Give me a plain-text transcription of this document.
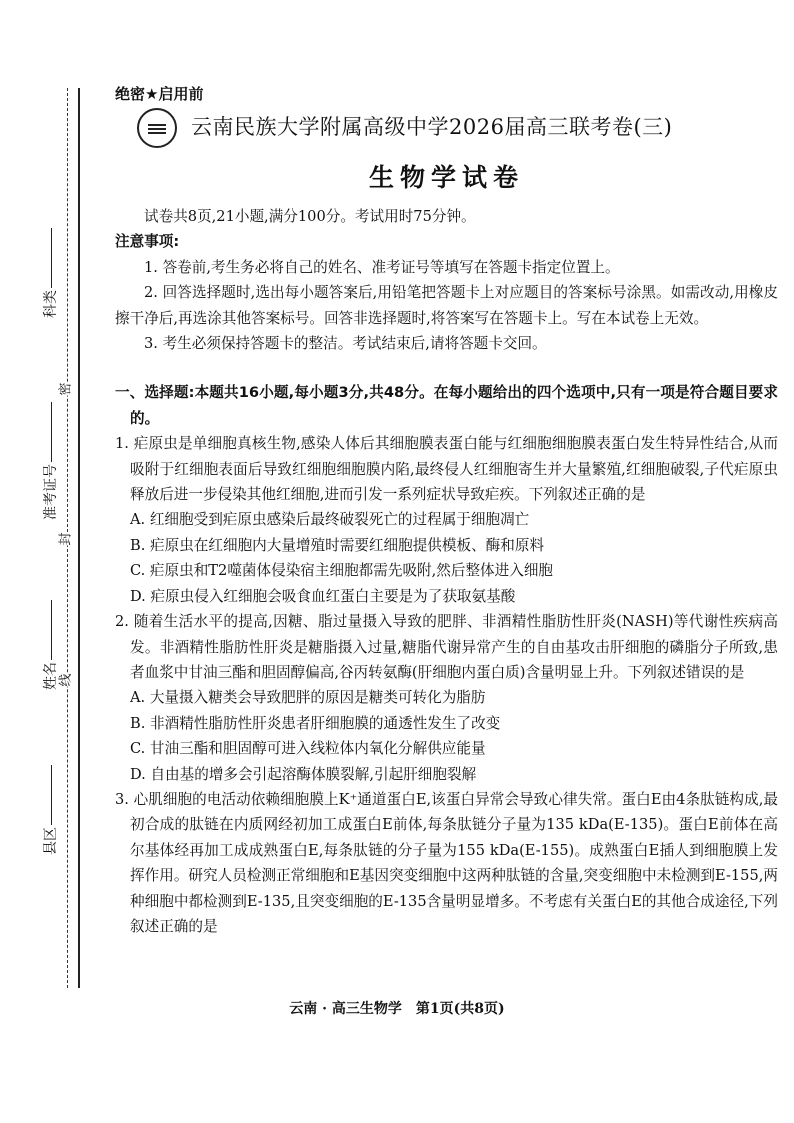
科类
准考证号
姓名
县区
密
封
线
绝密★启用前
云南民族大学附属高级中学2026届高三联考卷(三)
生物学试卷

试卷共8页,21小题,满分100分。考试用时75分钟。

注意事项:

1. 答卷前,考生务必将自己的姓名、准考证号等填写在答题卡指定位置上。

2. 回答选择题时,选出每小题答案后,用铅笔把答题卡上对应题目的答案标号涂黑。如需改动,用橡皮擦干净后,再选涂其他答案标号。回答非选择题时,将答案写在答题卡上。写在本试卷上无效。

3. 考生必须保持答题卡的整洁。考试结束后,请将答题卡交回。

一、选择题:本题共16小题,每小题3分,共48分。在每小题给出的四个选项中,只有一项是符合题目要求的。

1. 疟原虫是单细胞真核生物,感染人体后其细胞膜表蛋白能与红细胞细胞膜表蛋白发生特异性结合,从而吸附于红细胞表面后导致红细胞细胞膜内陷,最终侵人红细胞寄生并大量繁殖,红细胞破裂,子代疟原虫释放后进一步侵染其他红细胞,进而引发一系列症状导致疟疾。下列叙述正确的是

A. 红细胞受到疟原虫感染后最终破裂死亡的过程属于细胞凋亡

B. 疟原虫在红细胞内大量增殖时需要红细胞提供模板、酶和原料

C. 疟原虫和T2噬菌体侵染宿主细胞都需先吸附,然后整体进入细胞

D. 疟原虫侵入红细胞会吸食血红蛋白主要是为了获取氨基酸

2. 随着生活水平的提高,因糖、脂过量摄入导致的肥胖、非酒精性脂肪性肝炎(NASH)等代谢性疾病高发。非酒精性脂肪性肝炎是糖脂摄入过量,糖脂代谢异常产生的自由基攻击肝细胞的磷脂分子所致,患者血浆中甘油三酯和胆固醇偏高,谷丙转氨酶(肝细胞内蛋白质)含量明显上升。下列叙述错误的是

A. 大量摄入糖类会导致肥胖的原因是糖类可转化为脂肪

B. 非酒精性脂肪性肝炎患者肝细胞膜的通透性发生了改变

C. 甘油三酯和胆固醇可进入线粒体内氧化分解供应能量

D. 自由基的增多会引起溶酶体膜裂解,引起肝细胞裂解

3. 心肌细胞的电活动依赖细胞膜上K⁺通道蛋白E,该蛋白异常会导致心律失常。蛋白E由4条肽链构成,最初合成的肽链在内质网经初加工成蛋白E前体,每条肽链分子量为135 kDa(E-135)。蛋白E前体在高尔基体经再加工成成熟蛋白E,每条肽链的分子量为155 kDa(E-155)。成熟蛋白E插人到细胞膜上发挥作用。研究人员检测正常细胞和E基因突变细胞中这两种肽链的含量,突变细胞中未检测到E-155,两种细胞中都检测到E-135,且突变细胞的E-135含量明显增多。不考虑有关蛋白E的其他合成途径,下列叙述正确的是

云南 · 高三生物学　第1页(共8页)
